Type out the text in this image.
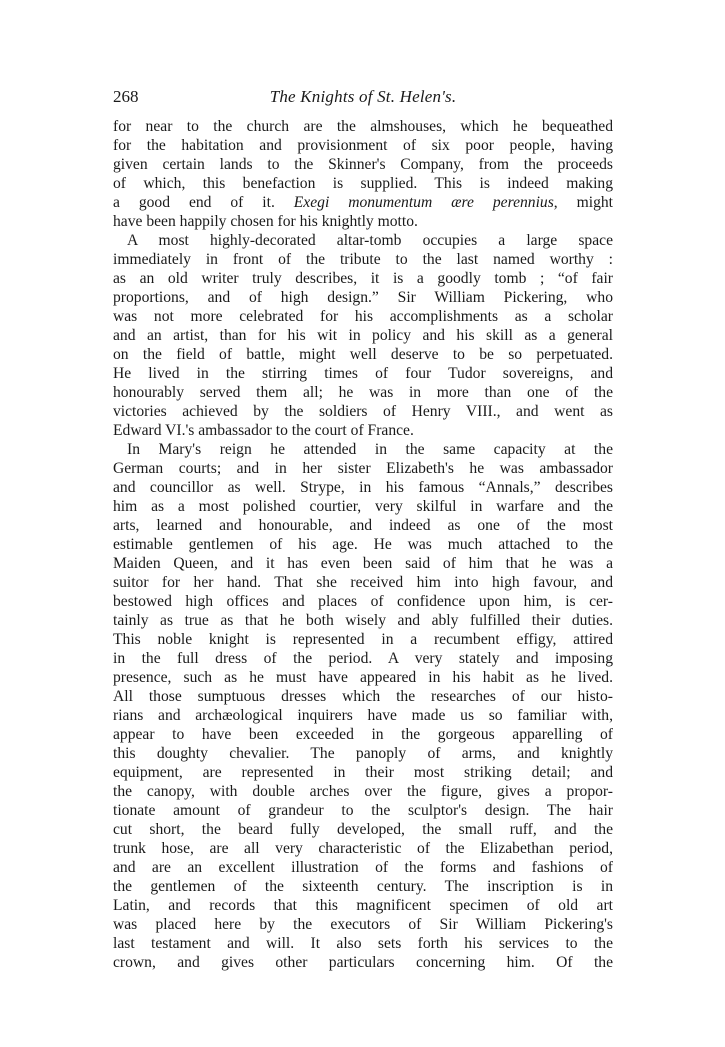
268	The Knights of St. Helen's.
for near to the church are the almshouses, which he bequeathed
for the habitation and provisionment of six poor people, having
given certain lands to the Skinner's Company, from the proceeds
of which, this benefaction is supplied. This is indeed making
a good end of it. Exegi monumentum ære perennius, might
have been happily chosen for his knightly motto.
A most highly-decorated altar-tomb occupies a large space
immediately in front of the tribute to the last named worthy :
as an old writer truly describes, it is a goodly tomb ; “of fair
proportions, and of high design.” Sir William Pickering, who
was not more celebrated for his accomplishments as a scholar
and an artist, than for his wit in policy and his skill as a general
on the field of battle, might well deserve to be so perpetuated.
He lived in the stirring times of four Tudor sovereigns, and
honourably served them all; he was in more than one of the
victories achieved by the soldiers of Henry VIII., and went as
Edward VI.'s ambassador to the court of France.
In Mary's reign he attended in the same capacity at the
German courts; and in her sister Elizabeth's he was ambassador
and councillor as well. Strype, in his famous “Annals,” describes
him as a most polished courtier, very skilful in warfare and the
arts, learned and honourable, and indeed as one of the most
estimable gentlemen of his age. He was much attached to the
Maiden Queen, and it has even been said of him that he was a
suitor for her hand. That she received him into high favour, and
bestowed high offices and places of confidence upon him, is cer-
tainly as true as that he both wisely and ably fulfilled their duties.
This noble knight is represented in a recumbent effigy, attired
in the full dress of the period. A very stately and imposing
presence, such as he must have appeared in his habit as he lived.
All those sumptuous dresses which the researches of our histo-
rians and archæological inquirers have made us so familiar with,
appear to have been exceeded in the gorgeous apparelling of
this doughty chevalier. The panoply of arms, and knightly
equipment, are represented in their most striking detail; and
the canopy, with double arches over the figure, gives a propor-
tionate amount of grandeur to the sculptor's design. The hair
cut short, the beard fully developed, the small ruff, and the
trunk hose, are all very characteristic of the Elizabethan period,
and are an excellent illustration of the forms and fashions of
the gentlemen of the sixteenth century. The inscription is in
Latin, and records that this magnificent specimen of old art
was placed here by the executors of Sir William Pickering's
last testament and will. It also sets forth his services to the
crown, and gives other particulars concerning him. Of the
